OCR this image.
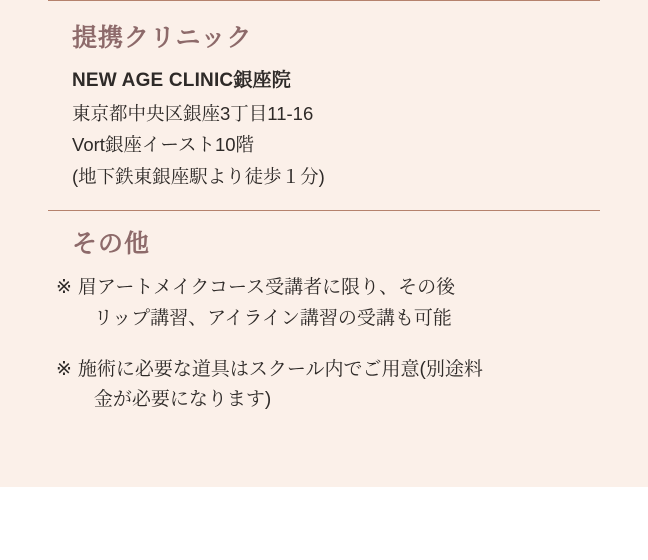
提携クリニック
NEW AGE CLINIC銀座院
東京都中央区銀座3丁目11-16
Vort銀座イースト10階
(地下鉄東銀座駅より徒歩１分)
その他
※ 眉アートメイクコース受講者に限り、その後
リップ講習、アイライン講習の受講も可能
※ 施術に必要な道具はスクール内でご用意(別途料
金が必要になります)
